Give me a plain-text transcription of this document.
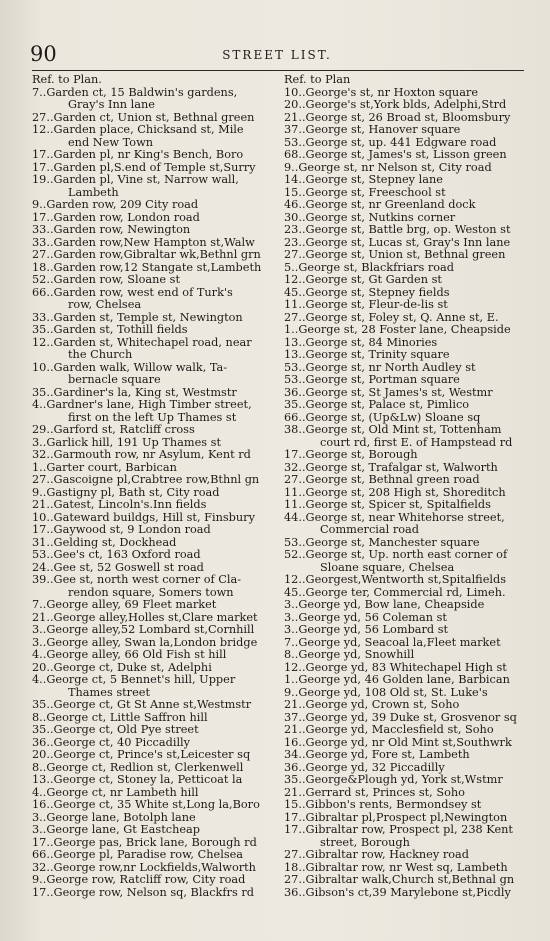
90	STREET LIST.
Ref. to Plan.
7..Garden ct, 15 Baldwin's gardens,
Gray's Inn lane
27..Garden ct, Union st, Bethnal green
12..Garden place, Chicksand st, Mile
end New Town
17..Garden pl, nr King's Bench, Boro
17..Garden pl,S.end of Temple st,Surry
19..Garden pl, Vine st, Narrow wall,
Lambeth
9..Garden row, 209 City road
17..Garden row, London road
33..Garden row, Newington
33..Garden row,New Hampton st,Walw
27..Garden row,Gibraltar wk,Bethnl grn
18..Garden row,12 Stangate st,Lambeth
52..Garden row, Sloane st
66..Garden row, west end of Turk's
row, Chelsea
33..Garden st, Temple st, Newington
35..Garden st, Tothill fields
12..Garden st, Whitechapel road, near
the Church
10..Garden walk, Willow walk, Ta-
bernacle square
35..Gardiner's la, King st, Westmstr
4..Gardner's lane, High Timber street,
first on the left Up Thames st
29..Garford st, Ratcliff cross
3..Garlick hill, 191 Up Thames st
32..Garmouth row, nr Asylum, Kent rd
1..Garter court, Barbican
27..Gascoigne pl,Crabtree row,Bthnl gn
9..Gastigny pl, Bath st, City road
21..Gatest, Lincoln's.Inn fields
10..Gateward buildgs, Hill st, Finsbury
17..Gaywood st, 9 London road
31..Gelding st, Dockhead
53..Gee's ct, 163 Oxford road
24..Gee st, 52 Goswell st road
39..Gee st, north west corner of Cla-
rendon square, Somers town
7..George alley, 69 Fleet market
21..George alley,Holles st,Clare market
3..George alley,52 Lombard st,Cornhill
3..George alley, Swan la,London bridge
4..George alley, 66 Old Fish st hill
20..George ct, Duke st, Adelphi
4..George ct, 5 Bennet's hill, Upper
Thames street
35..George ct, Gt St Anne st,Westmstr
8..George ct, Little Saffron hill
35..George ct, Old Pye street
36..George ct, 40 Piccadilly
20..George ct, Prince's st,Leicester sq
8..George ct, Redlion st, Clerkenwell
13..George ct, Stoney la, Petticoat la
4..George ct, nr Lambeth hill
16..George ct, 35 White st,Long la,Boro
3..George lane, Botolph lane
3..George lane, Gt Eastcheap
17..George pas, Brick lane, Borough rd
66..George pl, Paradise row, Chelsea
32..George row,nr Lockfields,Walworth
9..George row, Ratcliff row, City road
17..George row, Nelson sq, Blackfrs rd
Ref. to Plan
10..George's st, nr Hoxton square
20..George's st,York blds, Adelphi,Strd
21..George st, 26 Broad st, Bloomsbury
37..George st, Hanover square
53..George st, up. 441 Edgware road
68..George st, James's st, Lisson green
9..George st, nr Nelson st, City road
14..George st, Stepney lane
15..George st, Freeschool st
46..George st, nr Greenland dock
30..George st, Nutkins corner
23..George st, Battle brg, op. Weston st
23..George st, Lucas st, Gray's Inn lane
27..George st, Union st, Bethnal green
5..George st, Blackfriars road
12..George st, Gt Garden st
45..George st, Stepney fields
11..George st, Fleur-de-lis st
27..George st, Foley st, Q. Anne st, E.
1..George st, 28 Foster lane, Cheapside
13..George st, 84 Minories
13..George st, Trinity square
53..George st, nr North Audley st
53..George st, Portman square
36..George st, St James's st, Westmr
35..George st, Palace st, Pimlico
66..George st, (Up&Lw) Sloane sq
38..George st, Old Mint st, Tottenham
court rd, first E. of Hampstead rd
17..George st, Borough
32..George st, Trafalgar st, Walworth
27..George st, Bethnal green road
11..George st, 208 High st, Shoreditch
11..George st, Spicer st, Spitalfields
44..George st, near Whitehorse street,
Commercial road
53..George st, Manchester square
52..George st, Up. north east corner of
Sloane square, Chelsea
12..Georgest,Wentworth st,Spitalfields
45..George ter, Commercial rd, Limeh.
3..George yd, Bow lane, Cheapside
3..George yd, 56 Coleman st
3..George yd, 56 Lombard st
7..George yd, Seacoal la,Fleet market
8..George yd, Snowhill
12..George yd, 83 Whitechapel High st
1..George yd, 46 Golden lane, Barbican
9..George yd, 108 Old st, St. Luke's
21..George yd, Crown st, Soho
37..George yd, 39 Duke st, Grosvenor sq
21..George yd, Macclesfield st, Soho
16..George yd, nr Old Mint st,Southwrk
34..George yd, Fore st, Lambeth
36..George yd, 32 Piccadilly
35..George&Plough yd, York st,Wstmr
21..Gerrard st, Princes st, Soho
15..Gibbon's rents, Bermondsey st
17..Gibraltar pl,Prospect pl,Newington
17..Gibraltar row, Prospect pl, 238 Kent
street, Borough
27..Gibraltar row, Hackney road
18..Gibraltar row, nr West sq, Lambeth
27..Gibraltar walk,Church st,Bethnal gn
36..Gibson's ct,39 Marylebone st,Picdly
